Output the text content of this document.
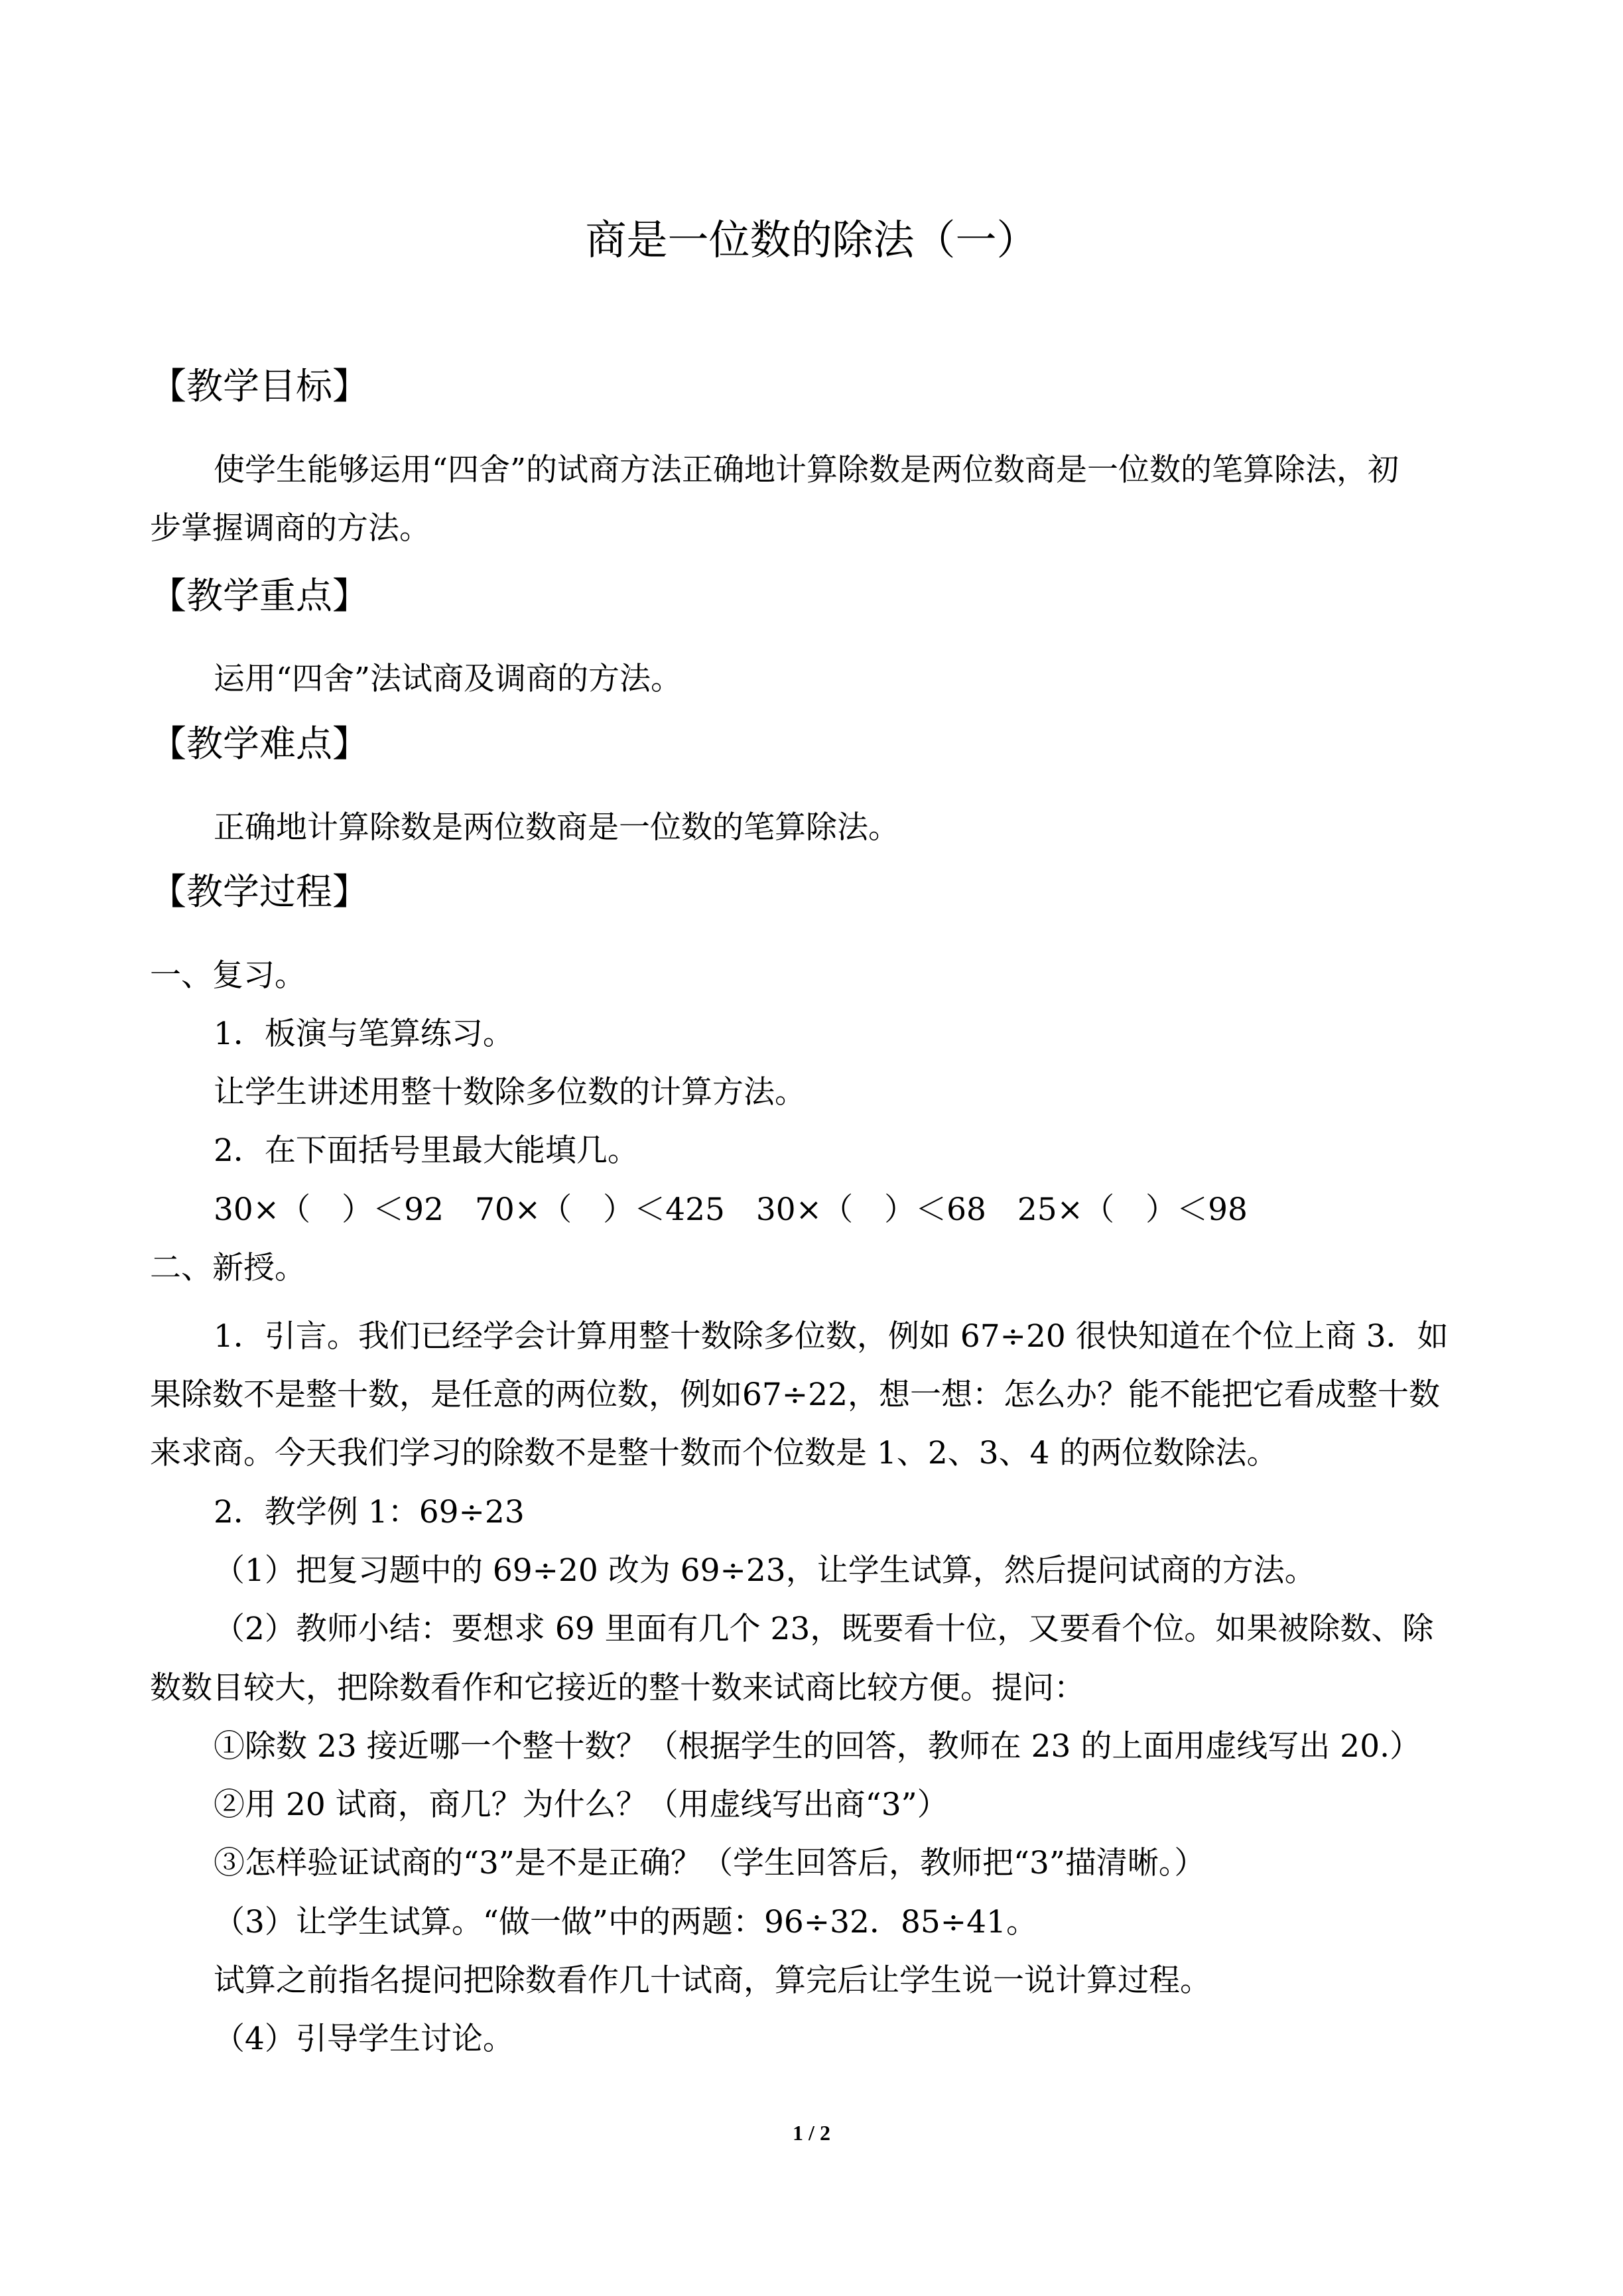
商是一位数的除法（一）
【教学目标】
使学生能够运用“四舍”的试商方法正确地计算除数是两位数商是一位数的笔算除法，初
步掌握调商的方法。
【教学重点】
运用“四舍”法试商及调商的方法。
【教学难点】
正确地计算除数是两位数商是一位数的笔算除法。
【教学过程】
一、复习。
1．板演与笔算练习。
让学生讲述用整十数除多位数的计算方法。
2．在下面括号里最大能填几。
30×（　）＜92　70×（　）＜425　30×（　）＜68　25×（　）＜98
二、新授。
1．引言。我们已经学会计算用整十数除多位数，例如 67÷20 很快知道在个位上商 3．如
果除数不是整十数，是任意的两位数，例如67÷22，想一想：怎么办？能不能把它看成整十数
来求商。今天我们学习的除数不是整十数而个位数是 1、2、3、4 的两位数除法。
2．教学例 1：69÷23
（1）把复习题中的 69÷20 改为 69÷23，让学生试算，然后提问试商的方法。
（2）教师小结：要想求 69 里面有几个 23，既要看十位，又要看个位。如果被除数、除
数数目较大，把除数看作和它接近的整十数来试商比较方便。提问：
①除数 23 接近哪一个整十数？（根据学生的回答，教师在 23 的上面用虚线写出 20.）
②用 20 试商，商几？为什么？（用虚线写出商“3”）
③怎样验证试商的“3”是不是正确？（学生回答后，教师把“3”描清晰。）
（3）让学生试算。“做一做”中的两题：96÷32．85÷41。
试算之前指名提问把除数看作几十试商，算完后让学生说一说计算过程。
（4）引导学生讨论。
1 / 2
